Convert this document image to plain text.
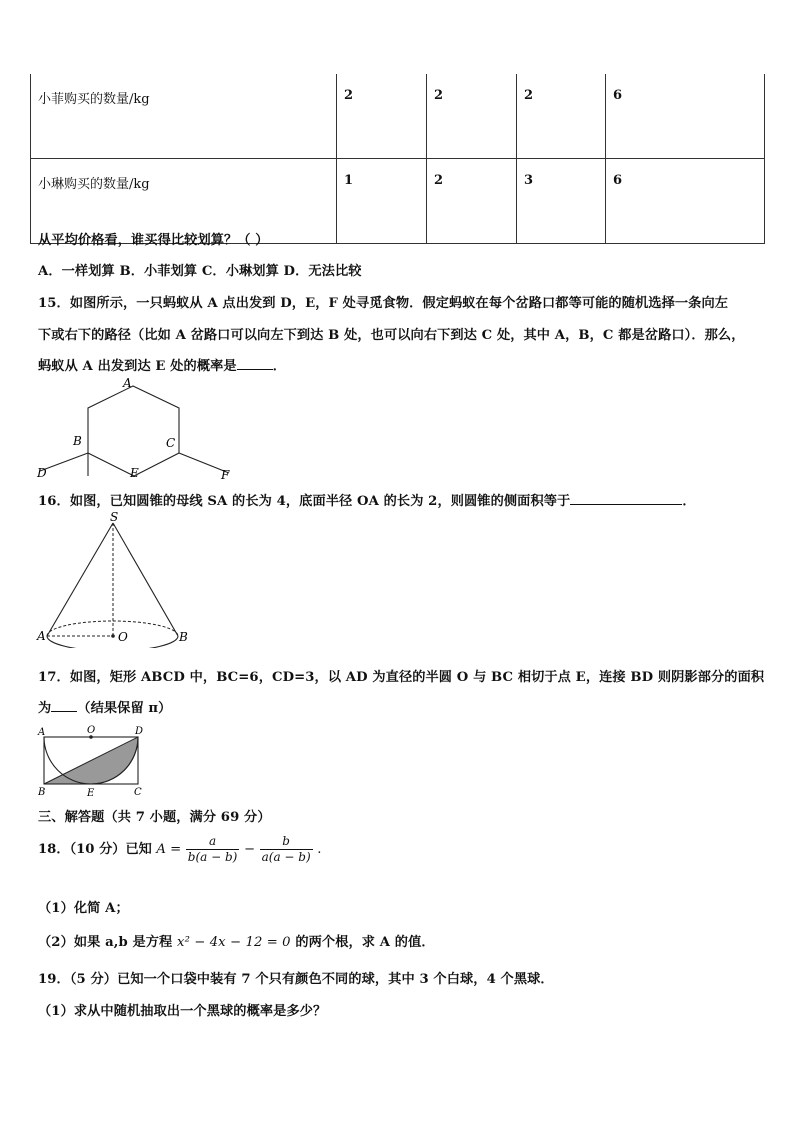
小菲购买的数量/kg	2	2	2	6
小琳购买的数量/kg	1	2	3	6
从平均价格看，谁买得比较划算？（ ）
A．一样划算 B．小菲划算 C．小琳划算 D．无法比较
15．如图所示，一只蚂蚁从 A 点出发到 D，E，F 处寻觅食物．假定蚂蚁在每个岔路口都等可能的随机选择一条向左
下或右下的路径（比如 A 岔路口可以向左下到达 B 处，也可以向右下到达 C 处，其中 A，B，C 都是岔路口）．那么，
蚂蚁从 A 出发到达 E 处的概率是	．
A
B	C
D	E	F
16．如图，已知圆锥的母线 SA 的长为 4，底面半径 OA 的长为 2，则圆锥的侧面积等于	．
S
A	O	B
17．如图，矩形 ABCD 中，BC=6，CD=3，以 AD 为直径的半圆 O 与 BC 相切于点 E，连接 BD 则阴影部分的面积
为 （结果保留 π）
A	O	D
B	E	C
三、解答题（共 7 小题，满分 69 分）
18．（10 分）已知 $A = \frac{a}{b(a - b)} - \frac{b}{a(a - b)}$ .
（1）化简 A；
（2）如果 a,b 是方程 x² − 4x − 12 = 0 的两个根，求 A 的值．
19．（5 分）已知一个口袋中装有 7 个只有颜色不同的球，其中 3 个白球，4 个黑球．
（1）求从中随机抽取出一个黑球的概率是多少？
